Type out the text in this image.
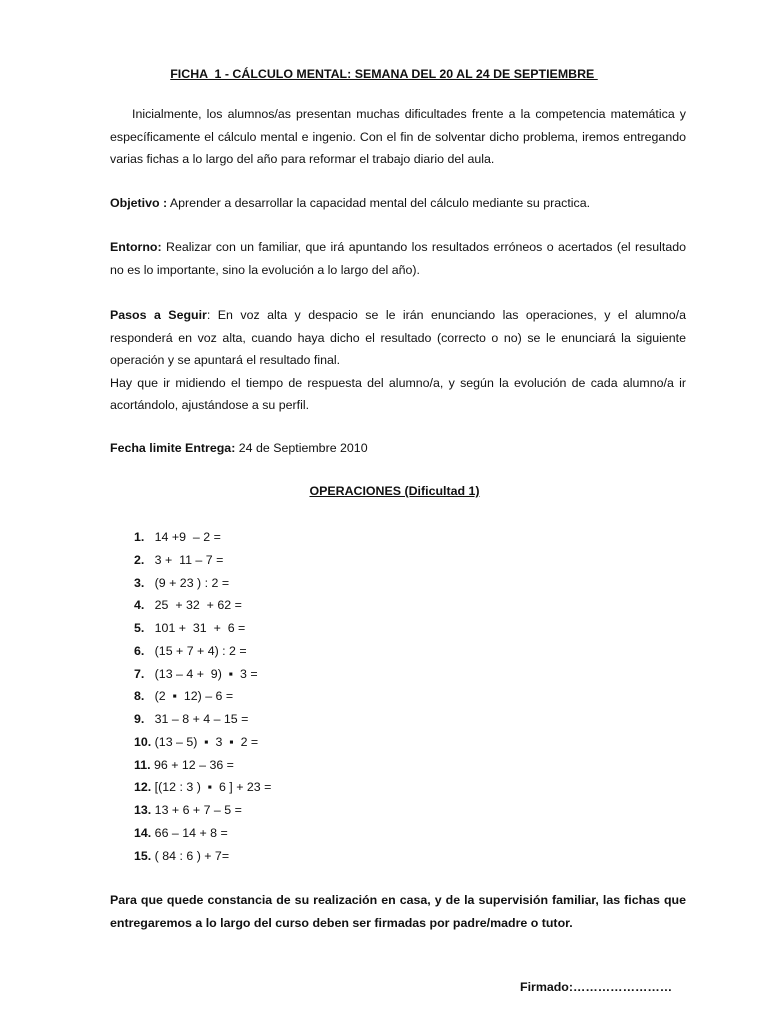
FICHA  1 - CÁLCULO MENTAL: SEMANA DEL 20 AL 24 DE SEPTIEMBRE
Inicialmente, los alumnos/as presentan muchas dificultades frente a la competencia matemática y específicamente el cálculo mental e ingenio. Con el fin de solventar dicho problema, iremos entregando varias fichas a lo largo del año para reformar el trabajo diario del aula.
Objetivo : Aprender a desarrollar la capacidad mental del cálculo mediante su practica.
Entorno: Realizar con un familiar, que irá apuntando los resultados erróneos o acertados (el resultado no es lo importante, sino la evolución a lo largo del año).
Pasos a Seguir: En voz alta y despacio se le irán enunciando las operaciones, y el alumno/a responderá en voz alta, cuando haya dicho el resultado (correcto o no) se le enunciará la siguiente operación y se apuntará el resultado final.
Hay que ir midiendo el tiempo de respuesta del alumno/a, y según la evolución de cada alumno/a ir acortándolo, ajustándose a su perfil.
Fecha limite Entrega: 24 de Septiembre 2010
OPERACIONES (Dificultad 1)
1.   14 +9  – 2 =
2.   3 +  11 – 7 =
3.   (9 + 23 ) : 2 =
4.   25  + 32  + 62 =
5.   101 +  31  +  6 =
6.   (15 + 7 + 4) : 2 =
7.   (13 – 4 +  9)  ▪  3 =
8.   (2  ▪  12) – 6 =
9.   31 – 8 + 4 – 15 =
10. (13 – 5)  ▪  3  ▪  2 =
11. 96 + 12 – 36 =
12. [(12 : 3 )  ▪  6 ] + 23 =
13. 13 + 6 + 7 – 5 =
14. 66 – 14 + 8 =
15. ( 84 : 6 ) + 7=
Para que quede constancia de su realización en casa, y de la supervisión familiar, las fichas que entregaremos a lo largo del curso deben ser firmadas por padre/madre o tutor.
Firmado:……………………
